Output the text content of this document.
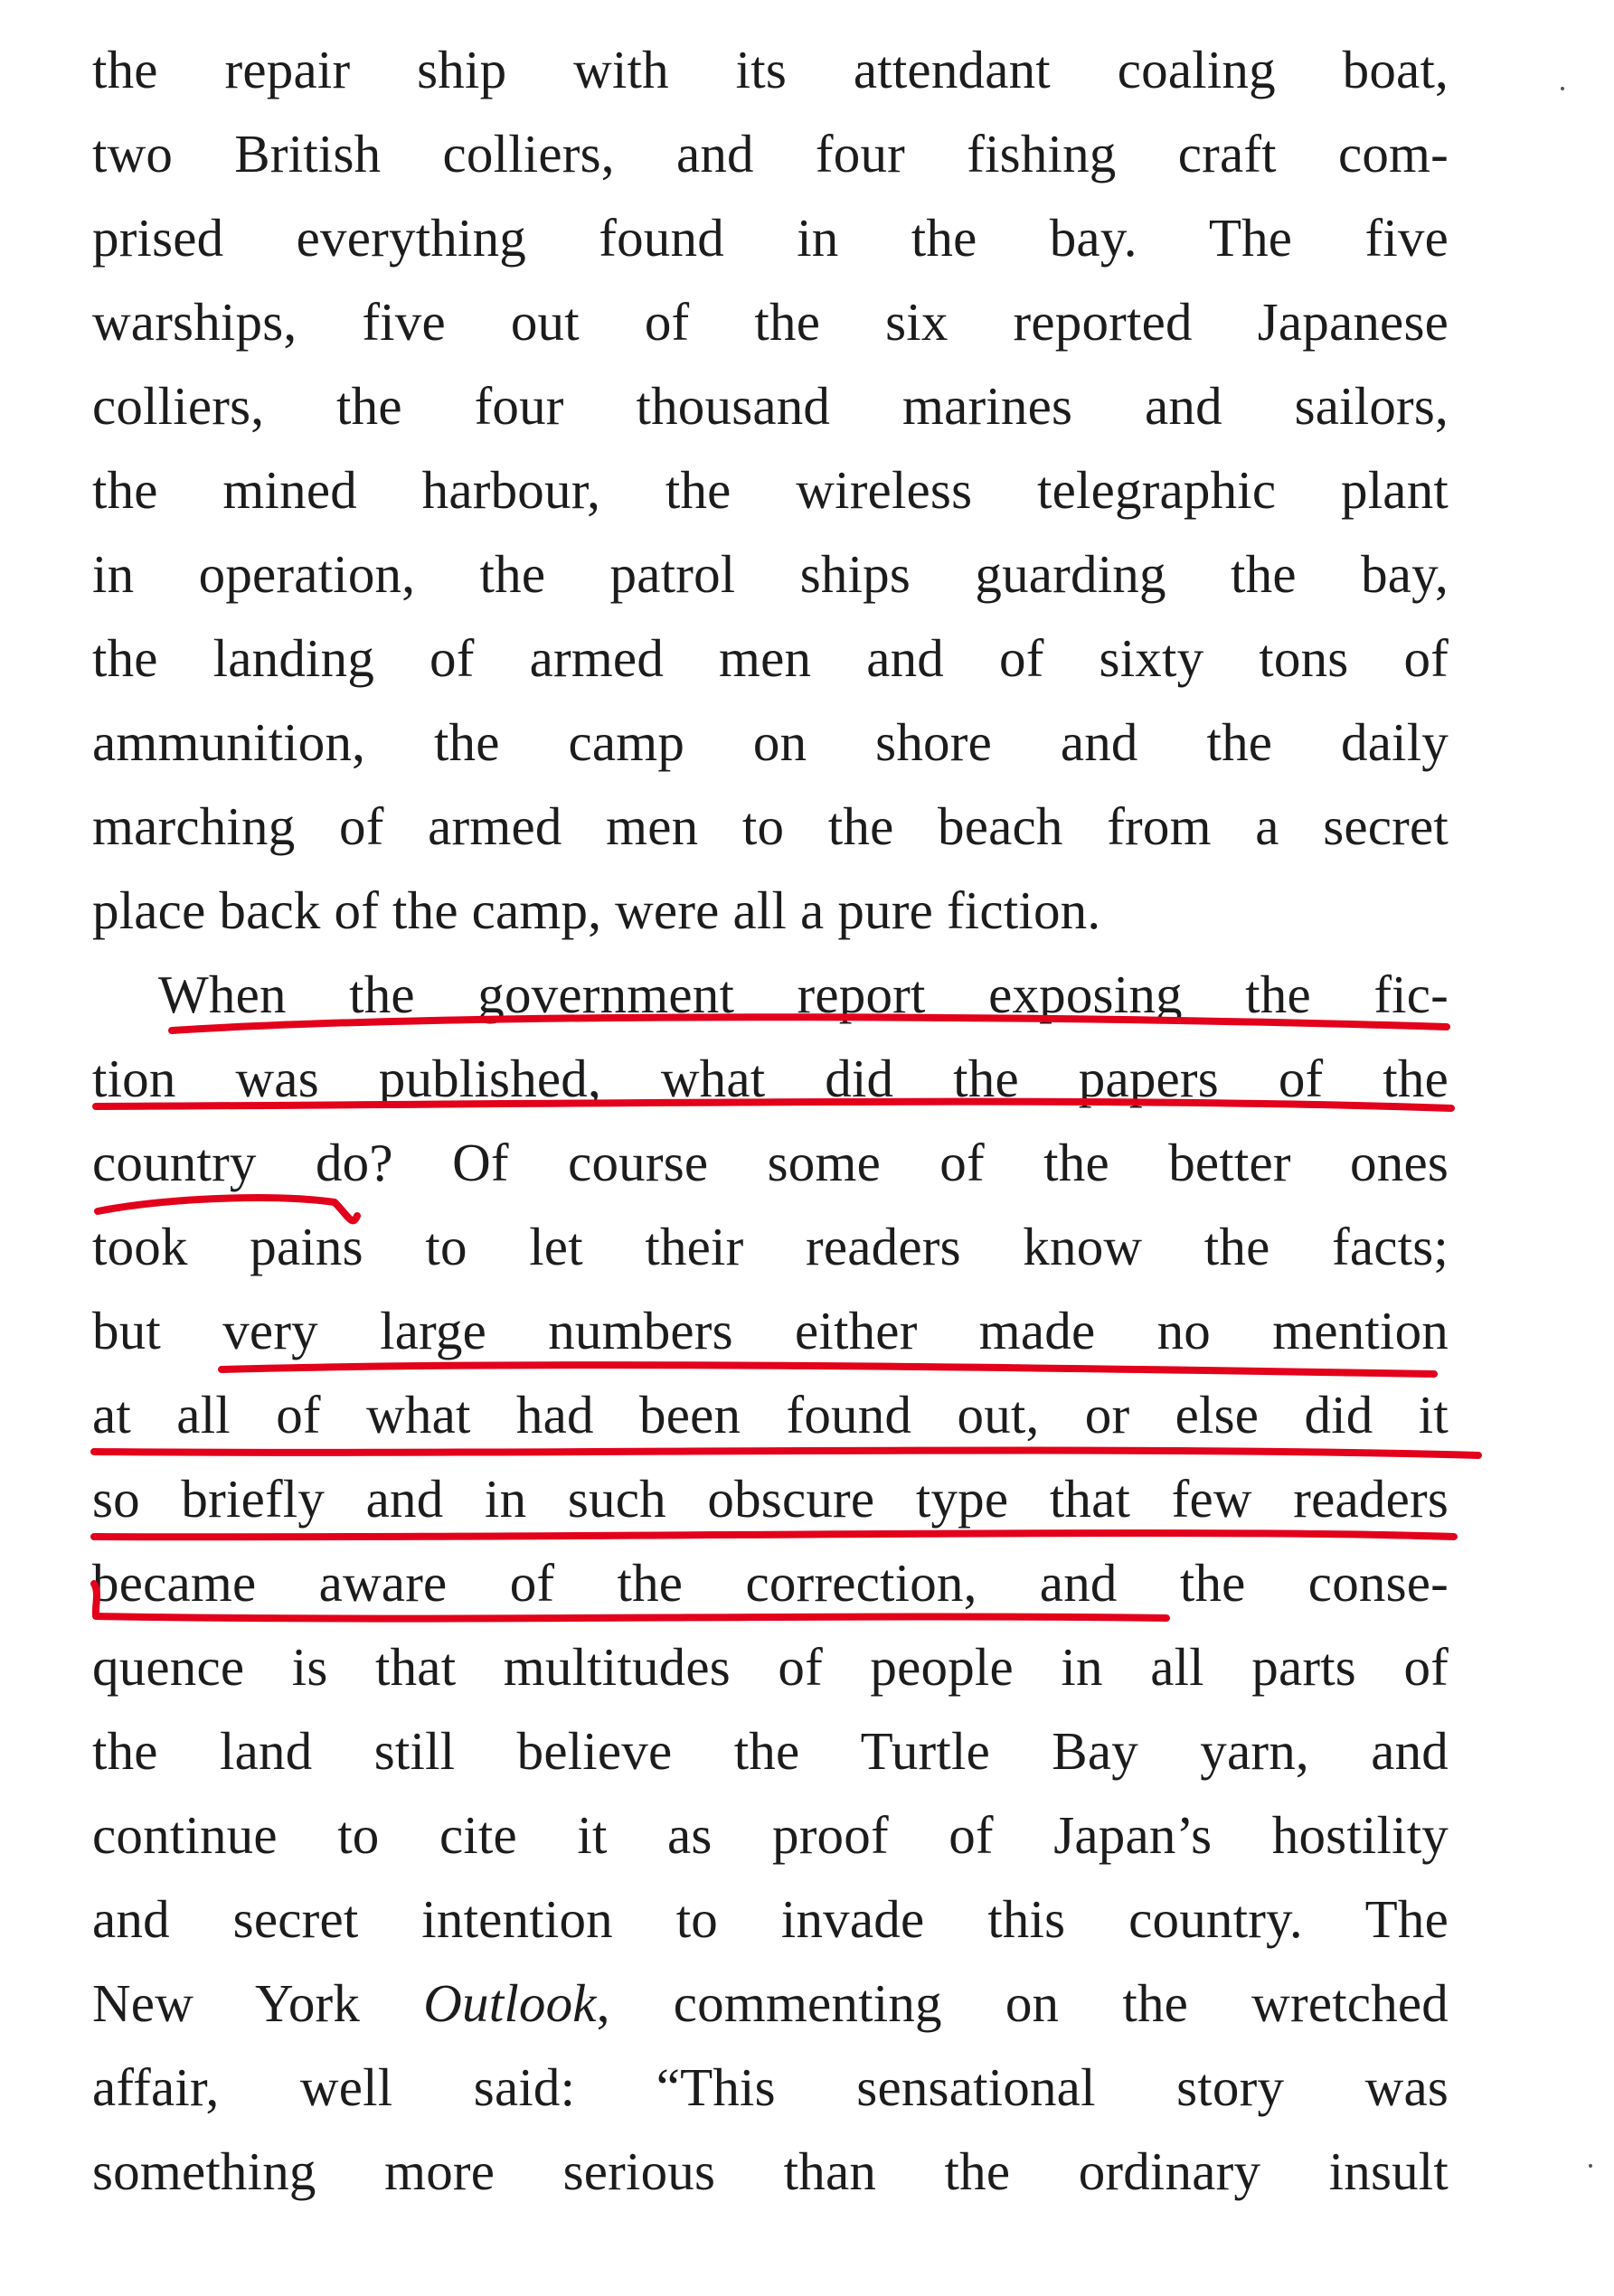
the repair ship with its attendant coaling boat,
two British colliers, and four fishing craft com-
prised everything found in the bay. The five
warships, five out of the six reported Japanese
colliers, the four thousand marines and sailors,
the mined harbour, the wireless telegraphic plant
in operation, the patrol ships guarding the bay,
the landing of armed men and of sixty tons of
ammunition, the camp on shore and the daily
marching of armed men to the beach from a secret
place back of the camp, were all a pure fiction.
When the government report exposing the fic-
tion was published, what did the papers of the
country do? Of course some of the better ones
took pains to let their readers know the facts;
but very large numbers either made no mention
at all of what had been found out, or else did it
so briefly and in such obscure type that few readers
became aware of the correction, and the conse-
quence is that multitudes of people in all parts of
the land still believe the Turtle Bay yarn, and
continue to cite it as proof of Japan’s hostility
and secret intention to invade this country. The
New York Outlook, commenting on the wretched
affair, well said: “This sensational story was
something more serious than the ordinary insult
